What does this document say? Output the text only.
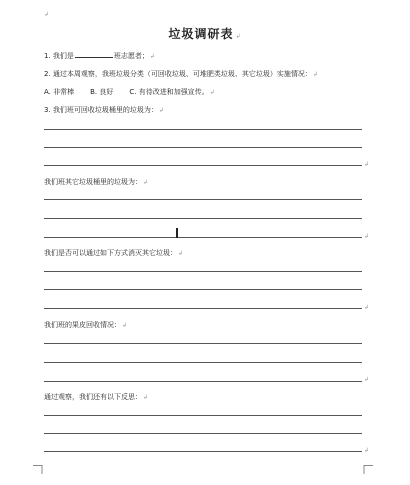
↲
垃圾调研表 ↲
1. 我们是	班志愿者；↲
2. 通过本周观察，我班垃圾分类（可回收垃圾、可堆肥类垃圾、其它垃圾）实施情况：↲
A. 非常棒 B. 良好 C. 有待改进和加强宣传。↲
3. 我们班可回收垃圾桶里的垃圾为：↲
↲
我们班其它垃圾桶里的垃圾为：↲
↲
我们是否可以通过如下方式消灭其它垃圾：↲
↲
我们班的果皮回收情况：↲
↲
通过观察，我们还有以下反思：↲
↲
